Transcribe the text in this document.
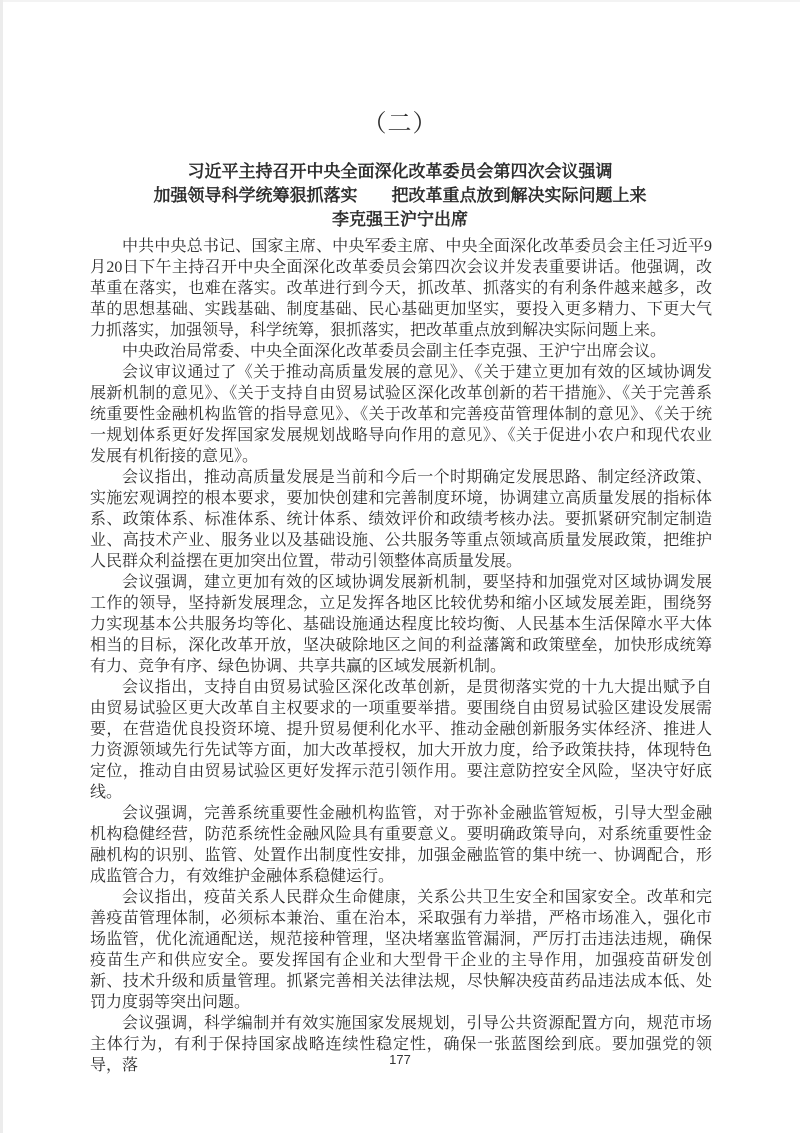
（二）
习近平主持召开中央全面深化改革委员会第四次会议强调
加强领导科学统筹狠抓落实　　把改革重点放到解决实际问题上来
李克强王沪宁出席

中共中央总书记、国家主席、中央军委主席、中央全面深化改革委员会主任习近平9月20日下午主持召开中央全面深化改革委员会第四次会议并发表重要讲话。他强调，改革重在落实，也难在落实。改革进行到今天，抓改革、抓落实的有利条件越来越多，改革的思想基础、实践基础、制度基础、民心基础更加坚实，要投入更多精力、下更大气力抓落实，加强领导，科学统筹，狠抓落实，把改革重点放到解决实际问题上来。

中央政治局常委、中央全面深化改革委员会副主任李克强、王沪宁出席会议。

会议审议通过了《关于推动高质量发展的意见》、《关于建立更加有效的区域协调发展新机制的意见》、《关于支持自由贸易试验区深化改革创新的若干措施》、《关于完善系统重要性金融机构监管的指导意见》、《关于改革和完善疫苗管理体制的意见》、《关于统一规划体系更好发挥国家发展规划战略导向作用的意见》、《关于促进小农户和现代农业发展有机衔接的意见》。

会议指出，推动高质量发展是当前和今后一个时期确定发展思路、制定经济政策、实施宏观调控的根本要求，要加快创建和完善制度环境，协调建立高质量发展的指标体系、政策体系、标准体系、统计体系、绩效评价和政绩考核办法。要抓紧研究制定制造业、高技术产业、服务业以及基础设施、公共服务等重点领域高质量发展政策，把维护人民群众利益摆在更加突出位置，带动引领整体高质量发展。

会议强调，建立更加有效的区域协调发展新机制，要坚持和加强党对区域协调发展工作的领导，坚持新发展理念，立足发挥各地区比较优势和缩小区域发展差距，围绕努力实现基本公共服务均等化、基础设施通达程度比较均衡、人民基本生活保障水平大体相当的目标，深化改革开放，坚决破除地区之间的利益藩篱和政策壁垒，加快形成统筹有力、竞争有序、绿色协调、共享共赢的区域发展新机制。

会议指出，支持自由贸易试验区深化改革创新，是贯彻落实党的十九大提出赋予自由贸易试验区更大改革自主权要求的一项重要举措。要围绕自由贸易试验区建设发展需要，在营造优良投资环境、提升贸易便利化水平、推动金融创新服务实体经济、推进人力资源领域先行先试等方面，加大改革授权，加大开放力度，给予政策扶持，体现特色定位，推动自由贸易试验区更好发挥示范引领作用。要注意防控安全风险，坚决守好底线。

会议强调，完善系统重要性金融机构监管，对于弥补金融监管短板，引导大型金融机构稳健经营，防范系统性金融风险具有重要意义。要明确政策导向，对系统重要性金融机构的识别、监管、处置作出制度性安排，加强金融监管的集中统一、协调配合，形成监管合力，有效维护金融体系稳健运行。

会议指出，疫苗关系人民群众生命健康，关系公共卫生安全和国家安全。改革和完善疫苗管理体制，必须标本兼治、重在治本，采取强有力举措，严格市场准入，强化市场监管，优化流通配送，规范接种管理，坚决堵塞监管漏洞，严厉打击违法违规，确保疫苗生产和供应安全。要发挥国有企业和大型骨干企业的主导作用，加强疫苗研发创新、技术升级和质量管理。抓紧完善相关法律法规，尽快解决疫苗药品违法成本低、处罚力度弱等突出问题。

会议强调，科学编制并有效实施国家发展规划，引导公共资源配置方向，规范市场主体行为，有利于保持国家战略连续性稳定性，确保一张蓝图绘到底。要加强党的领导，落	177
